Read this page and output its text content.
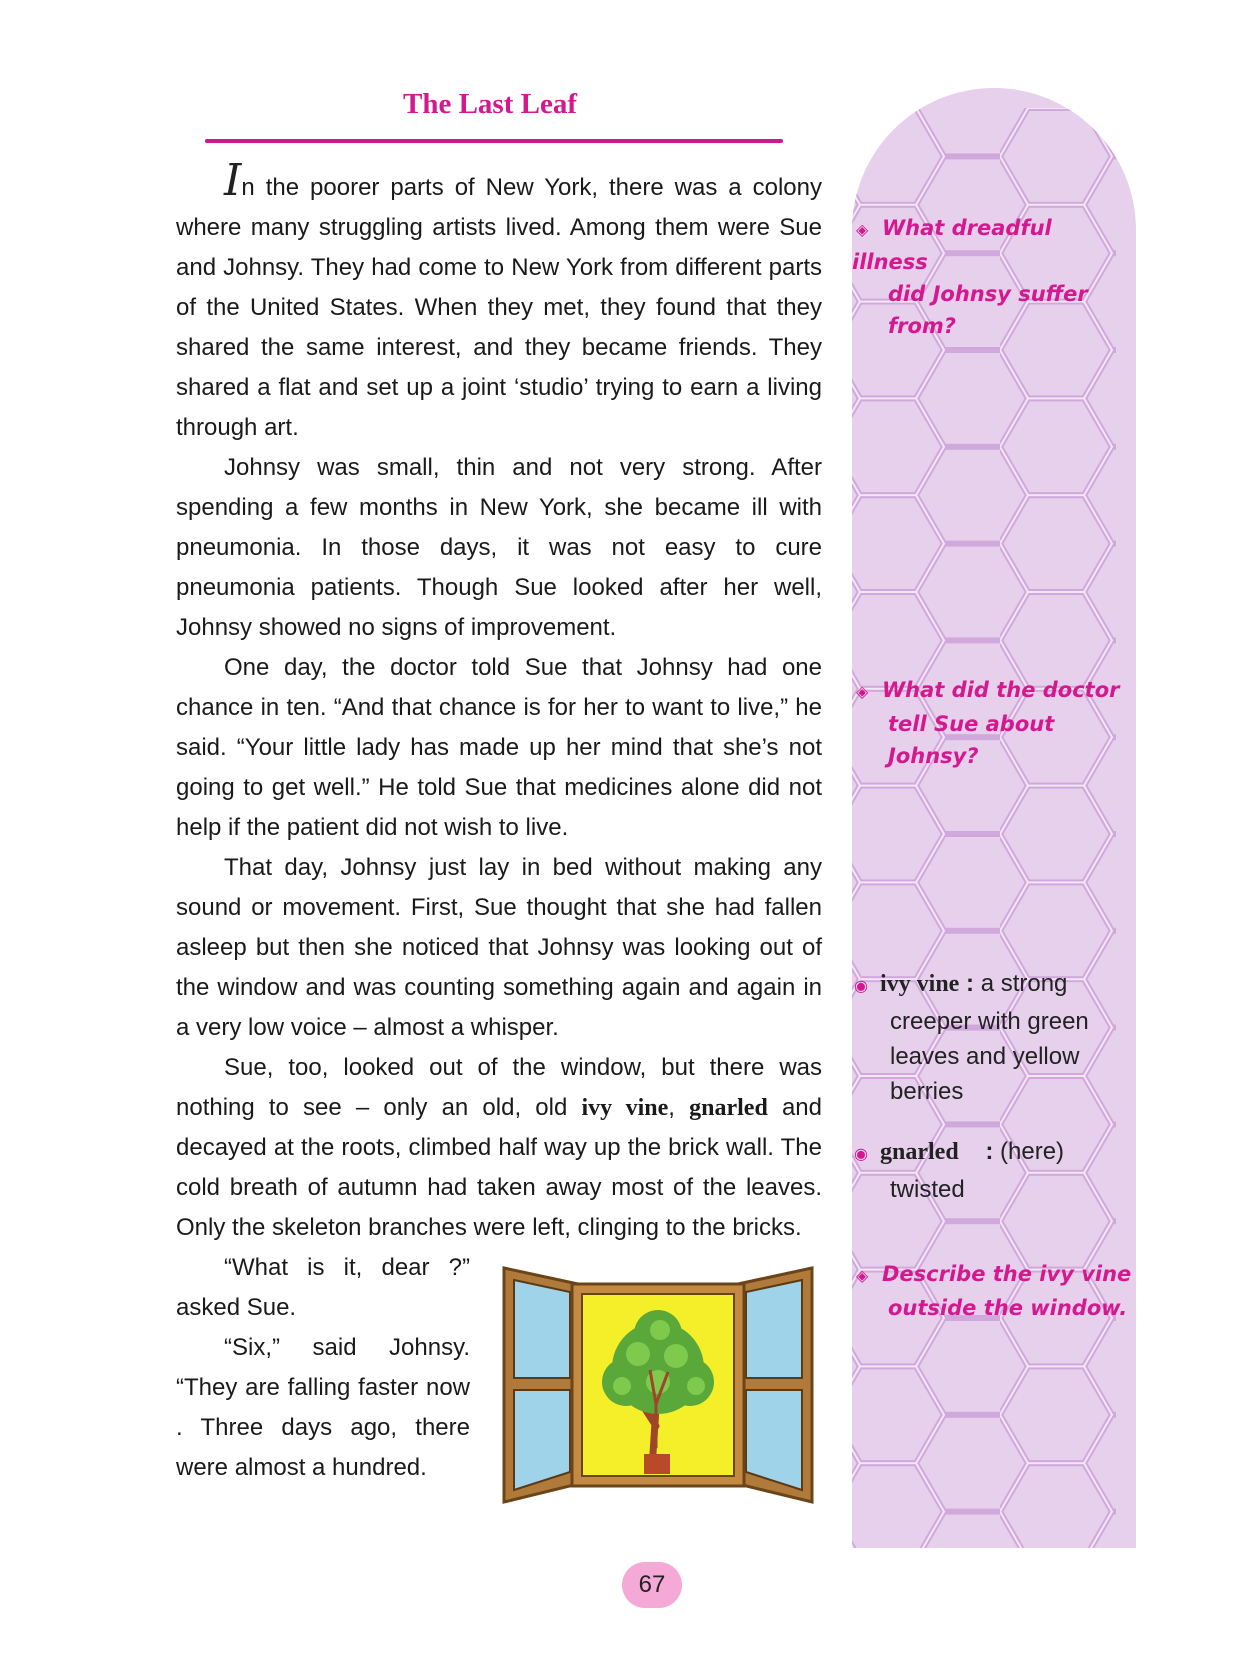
The Last Leaf

In the poorer parts of New York, there was a colony where many struggling artists lived. Among them were Sue and Johnsy. They had come to New York from different parts of the United States. When they met, they found that they shared the same interest, and they became friends. They shared a flat and set up a joint ‘studio’ trying to earn a living through art.

Johnsy was small, thin and not very strong. After spending a few months in New York, she became ill with pneumonia. In those days, it was not easy to cure pneumonia patients. Though Sue looked after her well, Johnsy showed no signs of improvement.

One day, the doctor told Sue that Johnsy had one chance in ten. “And that chance is for her to want to live,” he said. “Your little lady has made up her mind that she’s not going to get well.” He told Sue that medicines alone did not help if the patient did not wish to live.

That day, Johnsy just lay in bed without making any sound or movement. First, Sue thought that she had fallen asleep but then she noticed that Johnsy was looking out of the window and was counting something again and again in a very low voice – almost a whisper.

Sue, too, looked out of the window, but there was nothing to see – only an old, old ivy vine, gnarled and decayed at the roots, climbed half way up the brick wall. The cold breath of autumn had taken away most of the leaves. Only the skeleton branches were left, clinging to the bricks.

“What is it, dear ?” asked Sue.

“Six,” said Johnsy. “They are falling faster now . Three days ago, there were almost a hundred.

◈ What dreadful illness
did Johnsy suffer
from?
◈ What did the doctor
tell Sue about
Johnsy?
◉ ivy vine : a strong
creeper with green
leaves and yellow
berries
◉ gnarled : (here)
twisted
◈ Describe the ivy vine
outside the window.
67
